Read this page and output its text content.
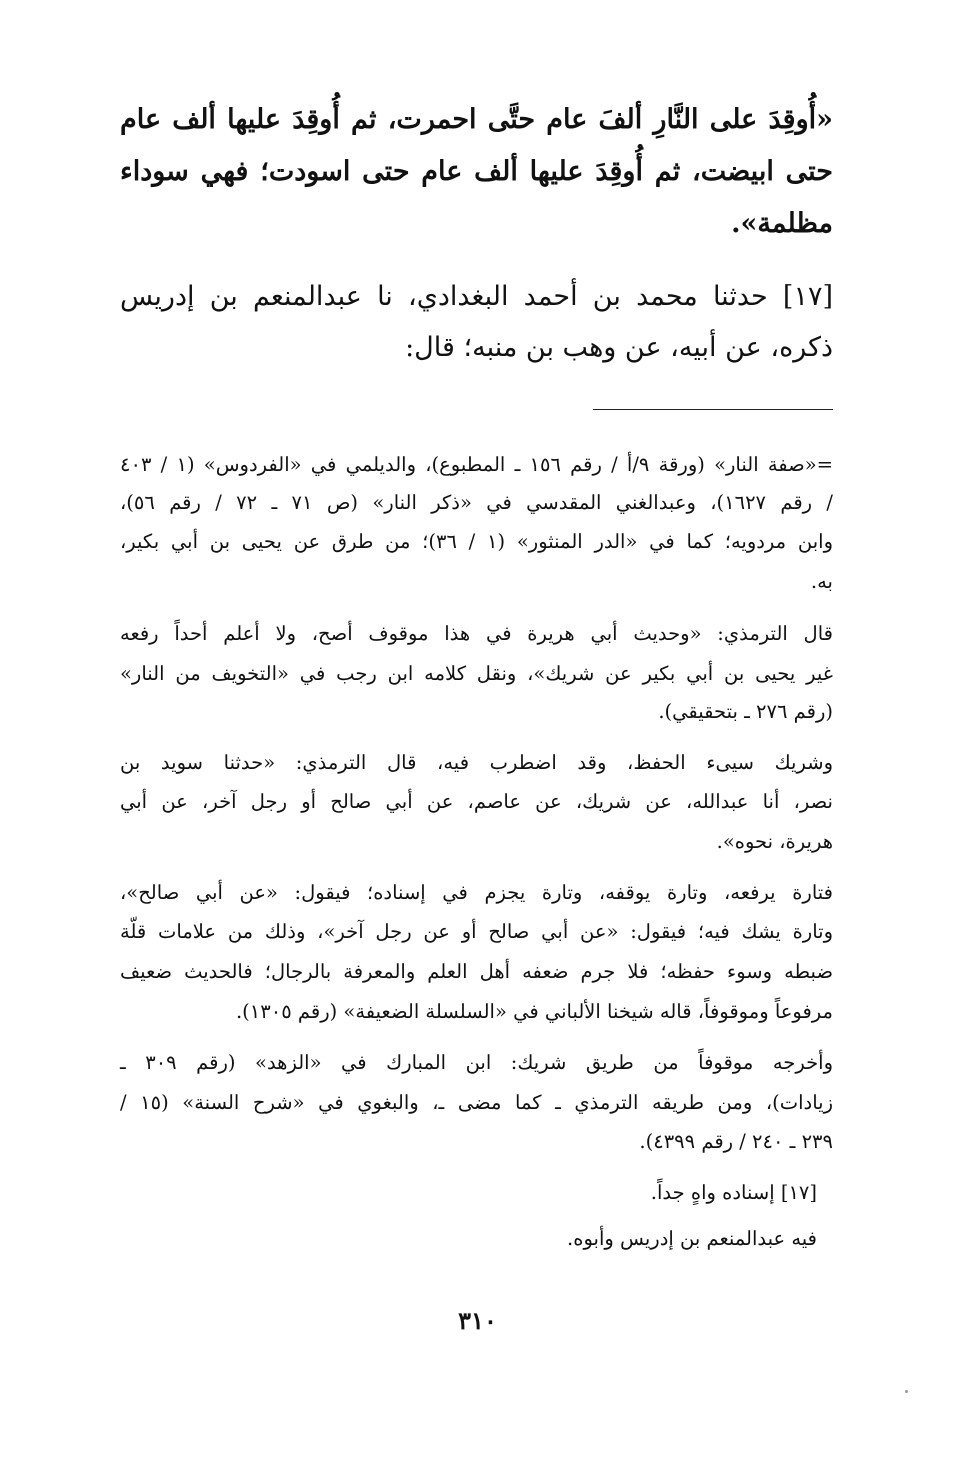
«أُوقِدَ على النَّارِ ألفَ عام حتَّى احمرت، ثم أُوقِدَ عليها ألف عام
حتى ابيضت، ثم أُوقِدَ عليها ألف عام حتى اسودت؛ فهي سوداء
مظلمة».
[١٧] حدثنا محمد بن أحمد البغدادي، نا عبدالمنعم بن إدريس
ذكره، عن أبيه، عن وهب بن منبه؛ قال:
=«صفة النار» (ورقة ٩/أ / رقم ١٥٦ ـ المطبوع)، والديلمي في «الفردوس» (١ / ٤٠٣
/ رقم ١٦٢٧)، وعبدالغني المقدسي في «ذكر النار» (ص ٧١ ـ ٧٢ / رقم ٥٦)،
وابن مردويه؛ كما في «الدر المنثور» (١ / ٣٦)؛ من طرق عن يحيى بن أبي بكير،
به.
قال الترمذي: «وحديث أبي هريرة في هذا موقوف أصح، ولا أعلم أحداً رفعه
غير يحيى بن أبي بكير عن شريك»، ونقل كلامه ابن رجب في «التخويف من النار»
(رقم ٢٧٦ ـ بتحقيقي).
وشريك سيىء الحفظ، وقد اضطرب فيه، قال الترمذي: «حدثنا سويد بن
نصر، أنا عبدالله، عن شريك، عن عاصم، عن أبي صالح أو رجل آخر، عن أبي
هريرة، نحوه».
فتارة يرفعه، وتارة يوقفه، وتارة يجزم في إسناده؛ فيقول: «عن أبي صالح»،
وتارة يشك فيه؛ فيقول: «عن أبي صالح أو عن رجل آخر»، وذلك من علامات قلّة
ضبطه وسوء حفظه؛ فلا جرم ضعفه أهل العلم والمعرفة بالرجال؛ فالحديث ضعيف
مرفوعاً وموقوفاً، قاله شيخنا الألباني في «السلسلة الضعيفة» (رقم ١٣٠٥).
وأخرجه موقوفاً من طريق شريك: ابن المبارك في «الزهد» (رقم ٣٠٩ ـ
زيادات)، ومن طريقه الترمذي ـ كما مضى ـ، والبغوي في «شرح السنة» (١٥ /
٢٣٩ ـ ٢٤٠ / رقم ٤٣٩٩).
[١٧] إسناده واهٍ جداً.
فيه عبدالمنعم بن إدريس وأبوه.
٣١٠
